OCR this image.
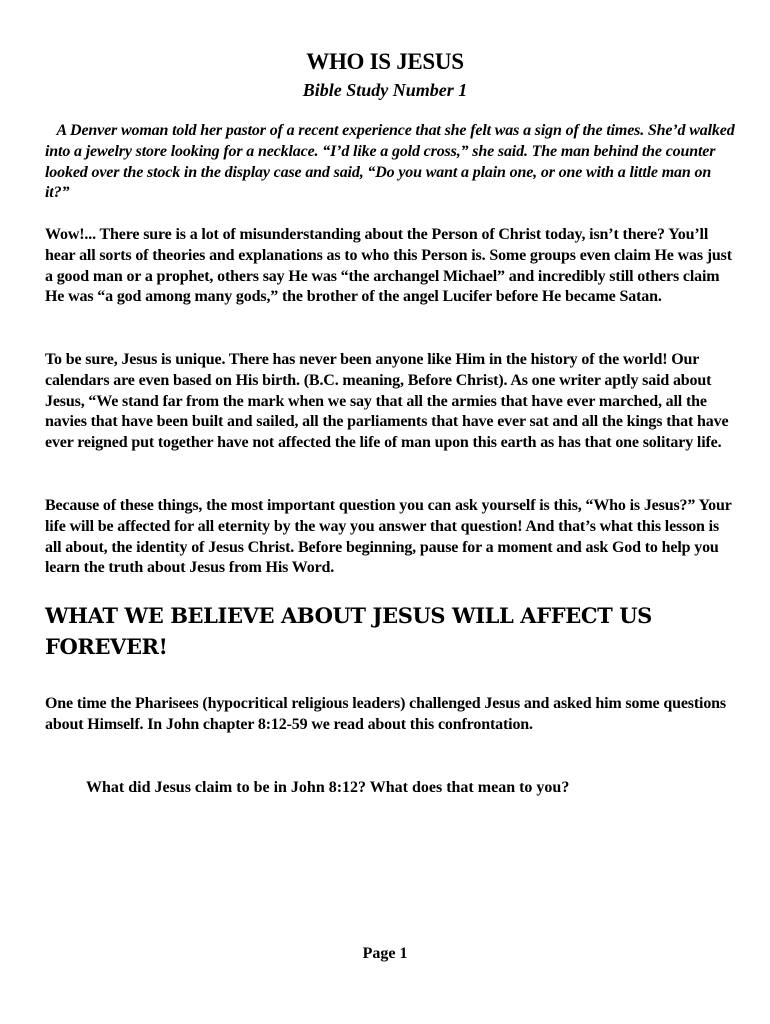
WHO IS JESUS
Bible Study Number 1

A Denver woman told her pastor of a recent experience that she felt was a sign of the times. She’d walked into a jewelry store looking for a necklace. “I’d like a gold cross,” she said. The man behind the counter looked over the stock in the display case and said, “Do you want a plain one, or one with a little man on it?”

Wow!... There sure is a lot of misunderstanding about the Person of Christ today, isn’t there? You’ll hear all sorts of theories and explanations as to who this Person is. Some groups even claim He was just a good man or a prophet, others say He was “the archangel Michael” and incredibly still others claim He was “a god among many gods,” the brother of the angel Lucifer before He became Satan.

To be sure, Jesus is unique. There has never been anyone like Him in the history of the world! Our calendars are even based on His birth. (B.C. meaning, Before Christ). As one writer aptly said about Jesus, “We stand far from the mark when we say that all the armies that have ever marched, all the navies that have been built and sailed, all the parliaments that have ever sat and all the kings that have ever reigned put together have not affected the life of man upon this earth as has that one solitary life.

Because of these things, the most important question you can ask yourself is this, “Who is Jesus?” Your life will be affected for all eternity by the way you answer that question! And that’s what this lesson is all about, the identity of Jesus Christ. Before beginning, pause for a moment and ask God to help you learn the truth about Jesus from His Word.

WHAT WE BELIEVE ABOUT JESUS WILL AFFECT US FOREVER!

One time the Pharisees (hypocritical religious leaders) challenged Jesus and asked him some questions about Himself. In John chapter 8:12-59 we read about this confrontation.

What did Jesus claim to be in John 8:12? What does that mean to you?

Page 1
